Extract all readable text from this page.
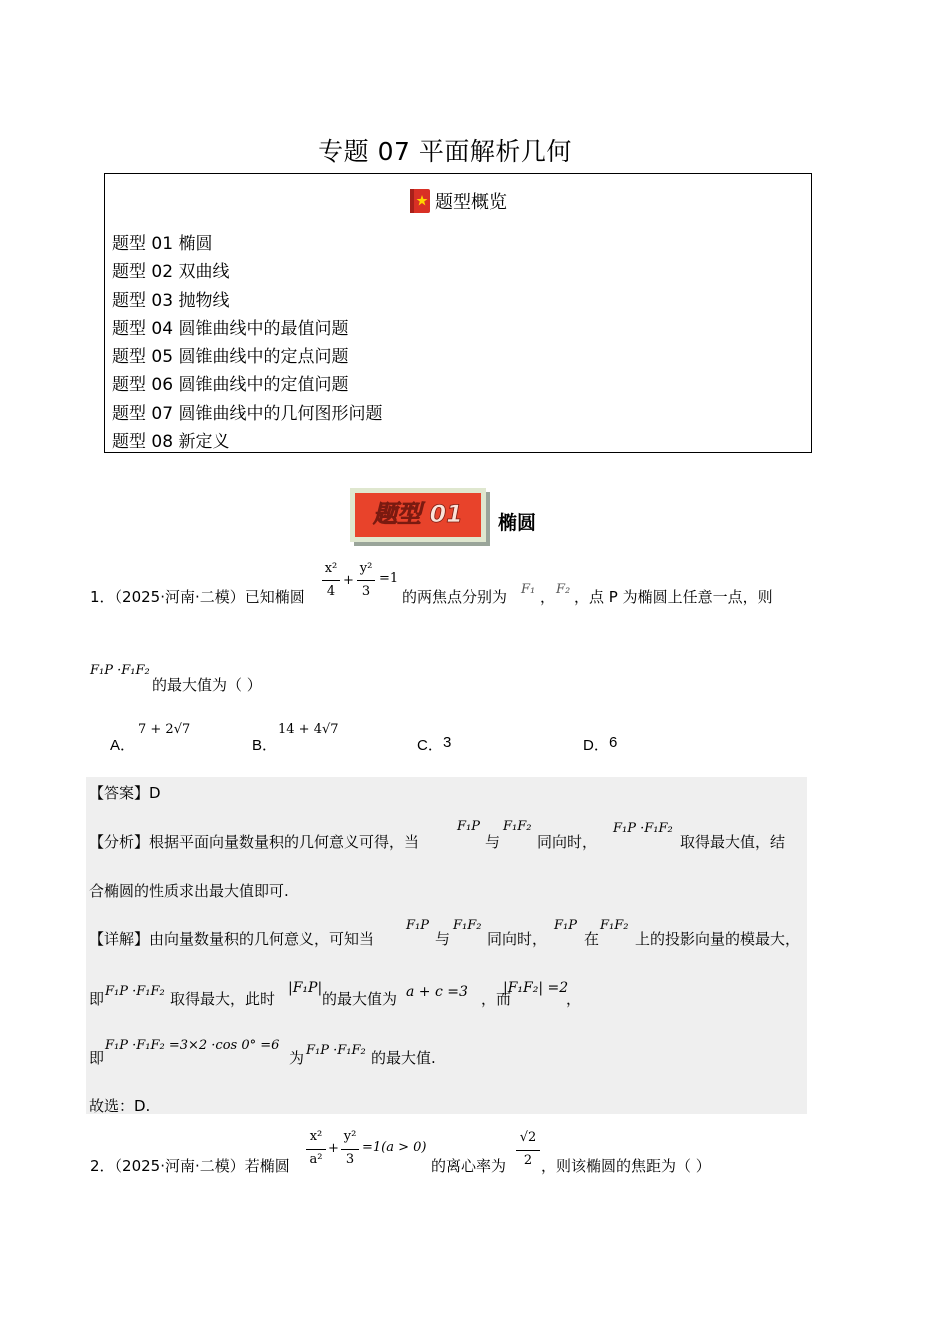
专题 07 平面解析几何
题型概览
题型 01 椭圆
题型 02 双曲线
题型 03 抛物线
题型 04 圆锥曲线中的最值问题
题型 05 圆锥曲线中的定点问题
题型 06 圆锥曲线中的定值问题
题型 07 圆锥曲线中的几何图形问题
题型 08 新定义
题型 01 椭圆
1．（2025·河南·二模）已知椭圆
x²
4
+
y²
3
=1
的两焦点分别为 F₁ ， F₂ ，点 P 为椭圆上任意一点，则
F₁P ·F₁F₂
的最大值为（ ）
A．
7 + 2√7
B．
14 + 4√7
C． 3	D． 6
【答案】D
【分析】根据平面向量数量积的几何意义可得，当
F₁P
与
F₁F₂
同向时，
F₁P ·F₁F₂
取得最大值，结
合椭圆的性质求出最大值即可.
【详解】由向量数量积的几何意义，可知当
F₁P
与
F₁F₂
同向时，
F₁P
在
F₁F₂
上的投影向量的模最大，
即 F₁P ·F₁F₂ 取得最大，此时
|F₁P|
的最大值为 a + c =3 ，而
|F₁F₂| =2
，
即
F₁P ·F₁F₂ =3×2 ·cos 0° =6
为 F₁P ·F₁F₂ 的最大值.
故选：D.
2．（2025·河南·二模）若椭圆
x²
a²
+
y²
3
=1(a > 0)
的离心率为
√2
2 ，则该椭圆的焦距为（ ）
